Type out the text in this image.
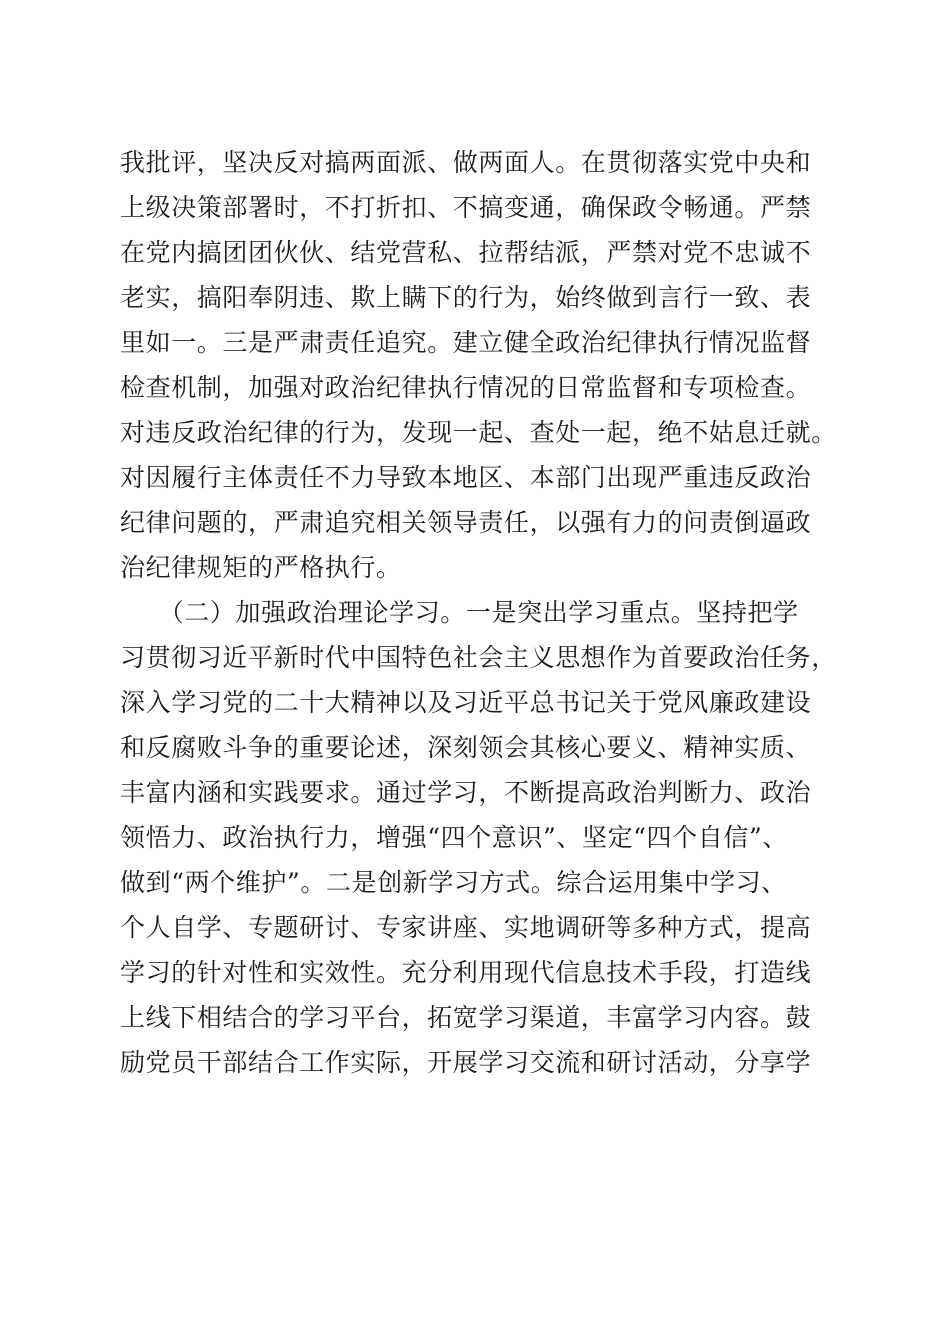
我批评，坚决反对搞两面派、做两面人。在贯彻落实党中央和
上级决策部署时，不打折扣、不搞变通，确保政令畅通。严禁
在党内搞团团伙伙、结党营私、拉帮结派，严禁对党不忠诚不
老实，搞阳奉阴违、欺上瞒下的行为，始终做到言行一致、表
里如一。三是严肃责任追究。建立健全政治纪律执行情况监督
检查机制，加强对政治纪律执行情况的日常监督和专项检查。
对违反政治纪律的行为，发现一起、查处一起，绝不姑息迁就。
对因履行主体责任不力导致本地区、本部门出现严重违反政治
纪律问题的，严肃追究相关领导责任，以强有力的问责倒逼政
治纪律规矩的严格执行。
　　（二）加强政治理论学习。一是突出学习重点。坚持把学
习贯彻习近平新时代中国特色社会主义思想作为首要政治任务，
深入学习党的二十大精神以及习近平总书记关于党风廉政建设
和反腐败斗争的重要论述，深刻领会其核心要义、精神实质、
丰富内涵和实践要求。通过学习，不断提高政治判断力、政治
领悟力、政治执行力，增强“四个意识”、坚定“四个自信”、
做到“两个维护”。二是创新学习方式。综合运用集中学习、
个人自学、专题研讨、专家讲座、实地调研等多种方式，提高
学习的针对性和实效性。充分利用现代信息技术手段，打造线
上线下相结合的学习平台，拓宽学习渠道，丰富学习内容。鼓
励党员干部结合工作实际，开展学习交流和研讨活动，分享学
